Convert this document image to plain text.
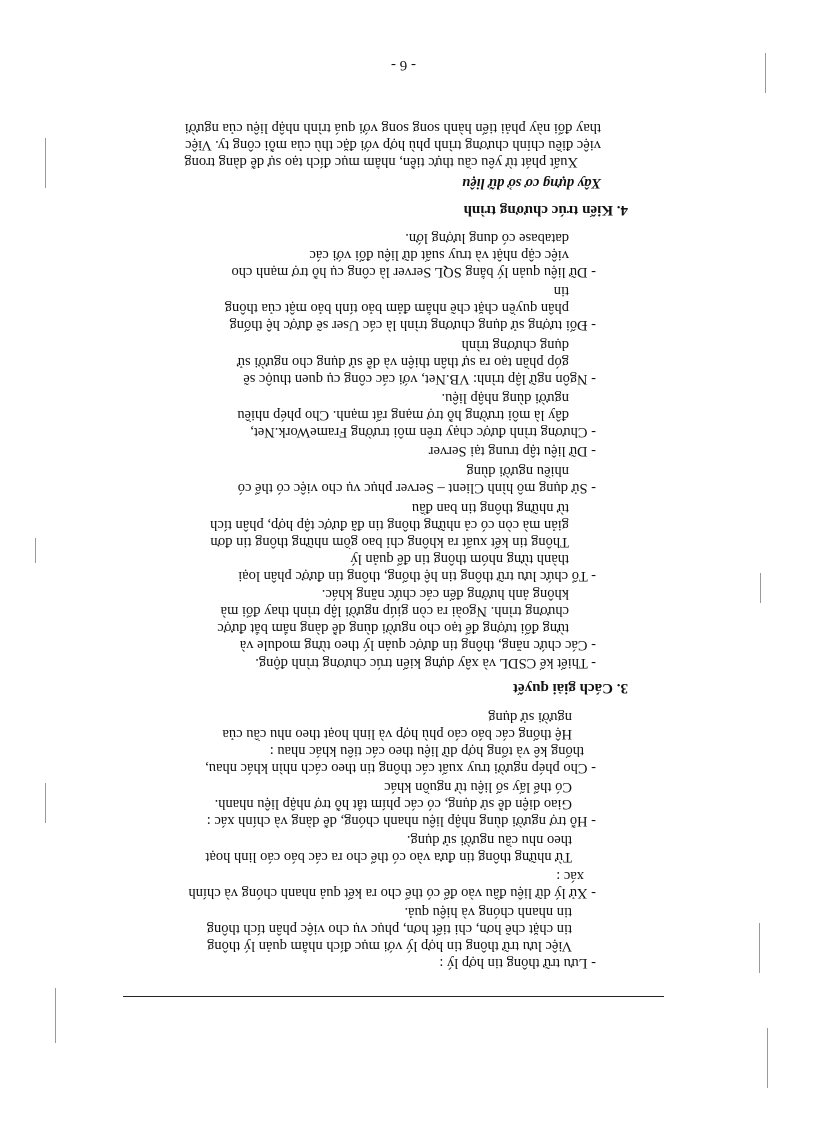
- Lưu trữ thông tin hợp lý :
Việc lưu trữ thông tin hợp lý với mục đích nhằm quản lý thông
tin chặt chẽ hơn, chi tiết hơn, phục vụ cho việc phân tích thông
tin nhanh chóng và hiệu quả.
- Xử lý dữ liệu đầu vào để có thể cho ra kết quả nhanh chóng và chính
xác :
Từ những thông tin đưa vào có thể cho ra các báo cáo linh hoạt
theo nhu cầu người sử dụng.
- Hỗ trợ người dùng nhập liệu nhanh chóng, dễ dàng và chính xác :
Giao diện dễ sử dụng, có các phím tắt hỗ trợ nhập liệu nhanh.
Có thể lấy số liệu từ nguồn khác
- Cho phép người truy xuất các thông tin theo cách nhìn khác nhau,
thống kê và tổng hợp dữ liệu theo các tiêu khác nhau :
Hệ thống các báo cáo phù hợp và linh hoạt theo nhu cầu của
người sử dụng
3. Cách giải quyết
- Thiết kế CSDL và xây dựng kiến trúc chương trình động.
- Các chức năng, thông tin được quản lý theo từng module và
từng đối tượng để tạo cho người dùng dễ dàng nắm bắt được
chương trình. Ngoài ra còn giúp người lập trình thay đổi mà
không ảnh hưởng đến các chức năng khác.
- Tổ chức lưu trữ thông tin hệ thống, thông tin được phân loại
thành từng nhóm thông tin để quản lý
Thông tin kết xuất ra không chỉ bao gồm những thông tin đơn
giản mà còn có cả những thông tin đã được tập hợp, phân tích
từ những thông tin ban đầu
- Sử dụng mô hình Client – Server phục vụ cho việc có thể có
nhiều người dùng
- Dữ liệu tập trung tại Server
- Chương trình được chạy trên môi trường FrameWork.Net,
đây là môi trường hỗ trợ mạng rất mạnh. Cho phép nhiều
người dùng nhập liệu.
- Ngôn ngữ lập trình: VB.Net, với các công cụ quen thuộc sẽ
góp phần tạo ra sự thân thiện và dễ sử dụng cho người sử
dụng chương trình
- Đối tượng sử dụng chương trình là các User sẽ được hệ thống
phân quyền chặt chẽ nhằm đảm bảo tính bảo mật của thông
tin
- Dữ liệu quản lý bằng SQL Server là công cụ hỗ trợ mạnh cho
việc cập nhật và truy suất dữ liệu đối với các
database có dung lượng lớn.
4. Kiến trúc chương trình
Xây dựng cơ sở dữ liệu
Xuất phát từ yêu cầu thực tiễn, nhằm mục đích tạo sự dễ dàng trong
việc điều chỉnh chương trình phù hợp với đặc thù của mỗi công ty. Việc
thay đổi này phải tiến hành song song với quá trình nhập liệu của người
- 6 -
